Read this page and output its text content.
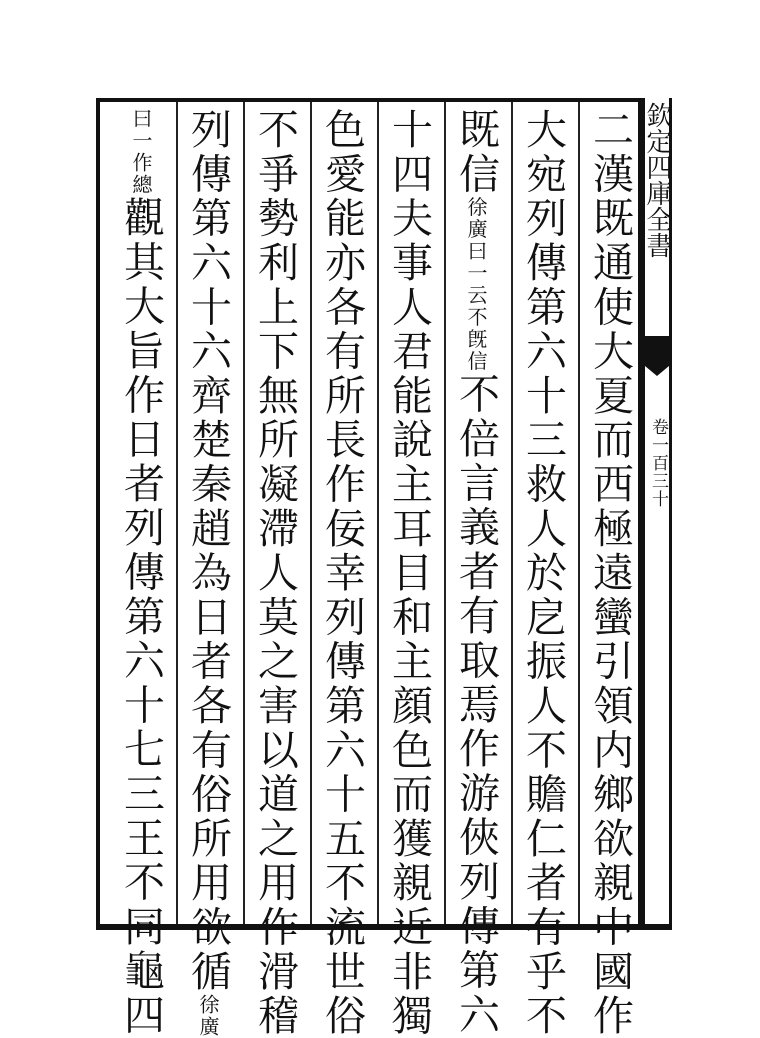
二漢既通使大夏而西極遠蠻引領内鄉欲親中國作
大宛列傳第六十三救人於戹振人不贍仁者有乎不
既信徐廣曰一云不旣信不倍言義者有取焉作游俠列傳第六
十四夫事人君能說主耳目和主顔色而獲親近非獨
色愛能亦各有所長作佞幸列傳第六十五不流世俗
不爭勢利上下無所凝滯人莫之害以道之用作滑稽
列傳第六十六齊楚秦趙為日者各有俗所用欲循徐廣
曰一作總觀其大旨作日者列傳第六十七三王不同龜四
欽定四庫全書
卷一百三十
